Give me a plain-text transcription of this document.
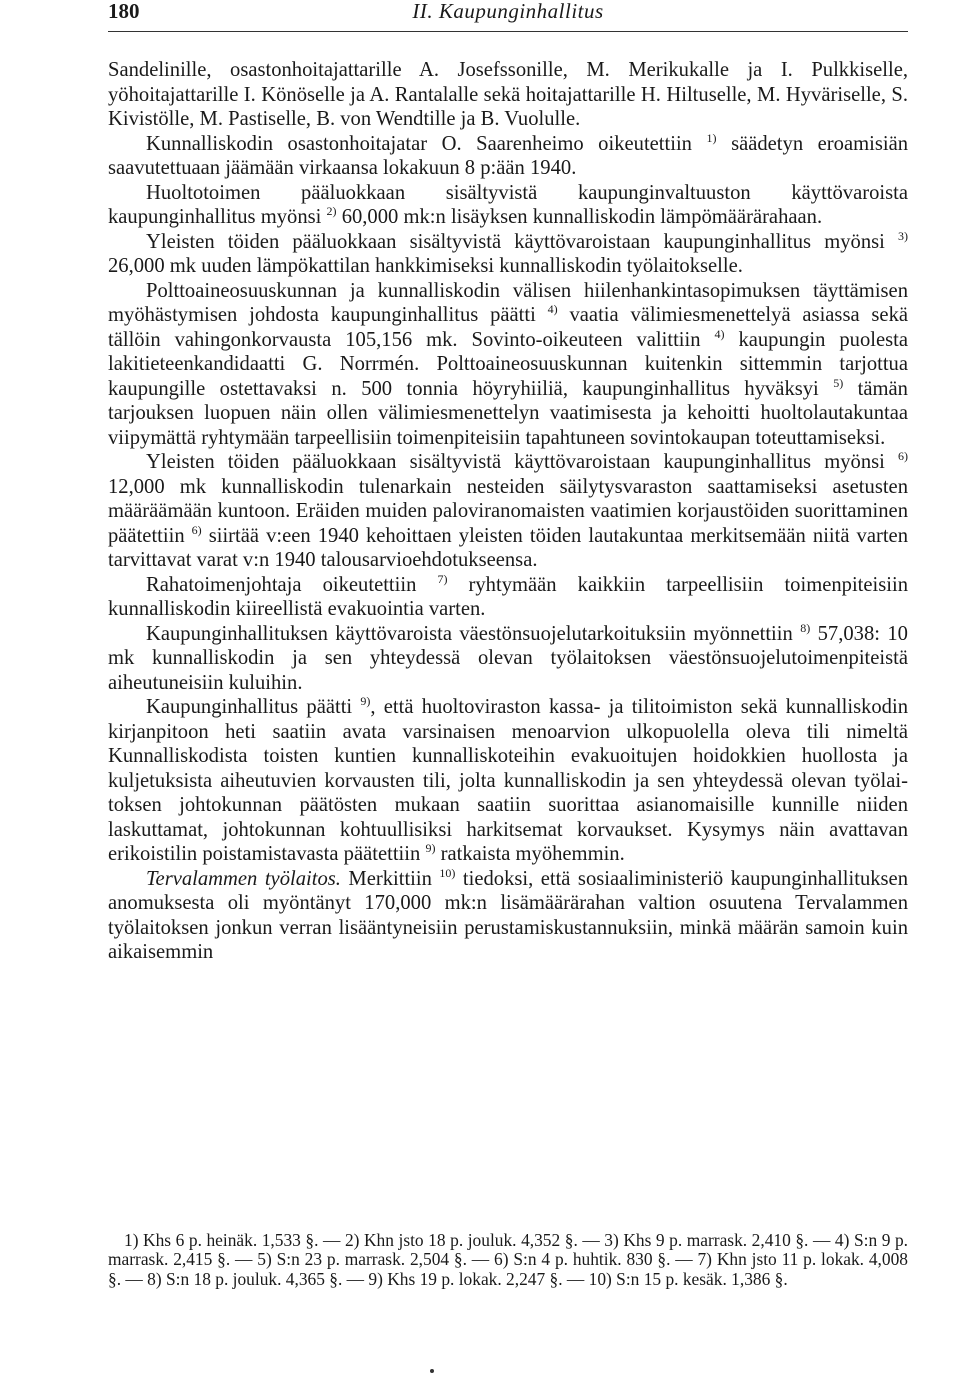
180	II. Kaupunginhallitus

Sandelinille, osastonhoitajattarille A. Josefssonille, M. Merikukalle ja I. Pulkkiselle, yöhoitajattarille I. Könöselle ja A. Rantalalle sekä hoitajattarille H. Hiltuselle, M. Hyväriselle, S. Kivistölle, M. Pastiselle, B. von Wendtille ja B. Vuolulle.

Kunnalliskodin osastonhoitajatar O. Saarenheimo oikeutettiin $^{1)}$ säädetyn eroamisiän saavutettuaan jäämään virkaansa lokakuun 8 p:ään 1940.

Huoltotoimen pääluokkaan sisältyvistä kaupunginvaltuuston käyttövaroista kaupunginhallitus myönsi $^{2)}$ 60,000 mk:n lisäyksen kunnalliskodin lämpömäärärahaan.

Yleisten töiden pääluokkaan sisältyvistä käyttövaroistaan kaupunginhallitus myönsi $^{3)}$ 26,000 mk uuden lämpökattilan hankkimiseksi kunnalliskodin työlaitokselle.

Polttoaineosuuskunnan ja kunnalliskodin välisen hiilenhankintasopimuksen täyttämisen myöhästymisen johdosta kaupunginhallitus päätti $^{4)}$ vaatia välimiesmenettelyä asiassa sekä tällöin vahingonkorvausta 105,156 mk. Sovinto-oikeuteen valittiin $^{4)}$ kaupungin puolesta lakitieteenkandidaatti G. Norrmén. Polttoaineosuuskunnan kuitenkin sittemmin tarjottua kaupungille ostettavaksi n. 500 tonnia höyryhiiliä, kaupunginhallitus hyväksyi $^{5)}$ tämän tarjouksen luopuen näin ollen välimiesmenettelyn vaatimisesta ja kehoitti huoltolautakuntaa viipymättä ryhtymään tarpeellisiin toimenpiteisiin tapahtuneen sovintokaupan toteuttamiseksi.

Yleisten töiden pääluokkaan sisältyvistä käyttövaroistaan kaupunginhallitus myönsi $^{6)}$ 12,000 mk kunnalliskodin tulenarkain nesteiden säilytysvaraston saattamiseksi asetusten määräämään kuntoon. Eräiden muiden paloviranomaisten vaatimien korjaustöiden suorittaminen päätettiin $^{6)}$ siirtää v:een 1940 kehoittaen yleisten töiden lautakuntaa merkitsemään niitä varten tarvittavat varat v:n 1940 talousarvioehdotukseensa.

Rahatoimenjohtaja oikeutettiin $^{7)}$ ryhtymään kaikkiin tarpeellisiin toimenpiteisiin kunnalliskodin kiireellistä evakuointia varten.

Kaupunginhallituksen käyttövaroista väestönsuojelutarkoituksiin myönnettiin $^{8)}$ 57,038: 10 mk kunnalliskodin ja sen yhteydessä olevan työlaitoksen väestönsuojelutoimenpiteistä aiheutuneisiin kuluihin.

Kaupunginhallitus päätti $^{9)}$, että huoltoviraston kassa- ja tilitoimiston sekä kunnalliskodin kirjanpitoon heti saatiin avata varsinaisen menoarvion ulkopuolella oleva tili nimeltä Kunnalliskodista toisten kuntien kunnalliskoteihin evakuoitujen hoidokkien huollosta ja kuljetuksista aiheutuvien korvausten tili, jolta kunnalliskodin ja sen yhteydessä olevan työlaitoksen johtokunnan päätösten mukaan saatiin suorittaa asianomaisille kunnille niiden laskuttamat, johtokunnan kohtuullisiksi harkitsemat korvaukset. Kysymys näin avattavan erikoistilin poistamistavasta päätettiin $^{9)}$ ratkaista myöhemmin.

Tervalammen työlaitos. Merkittiin $^{10)}$ tiedoksi, että sosiaaliministeriö kaupunginhallituksen anomuksesta oli myöntänyt 170,000 mk:n lisämäärärahan valtion osuutena Tervalammen työlaitoksen jonkun verran lisääntyneisiin perustamiskustannuksiin, minkä määrän samoin kuin aikaisemmin

1) Khs 6 p. heinäk. 1,533 §. — 2) Khn jsto 18 p. jouluk. 4,352 §. — 3) Khs 9 p. marrask. 2,410 §. — 4) S:n 9 p. marrask. 2,415 §. — 5) S:n 23 p. marrask. 2,504 §. — 6) S:n 4 p. huhtik. 830 §. — 7) Khn jsto 11 p. lokak. 4,008 §. — 8) S:n 18 p. jouluk. 4,365 §. — 9) Khs 19 p. lokak. 2,247 §. — 10) S:n 15 p. kesäk. 1,386 §.
